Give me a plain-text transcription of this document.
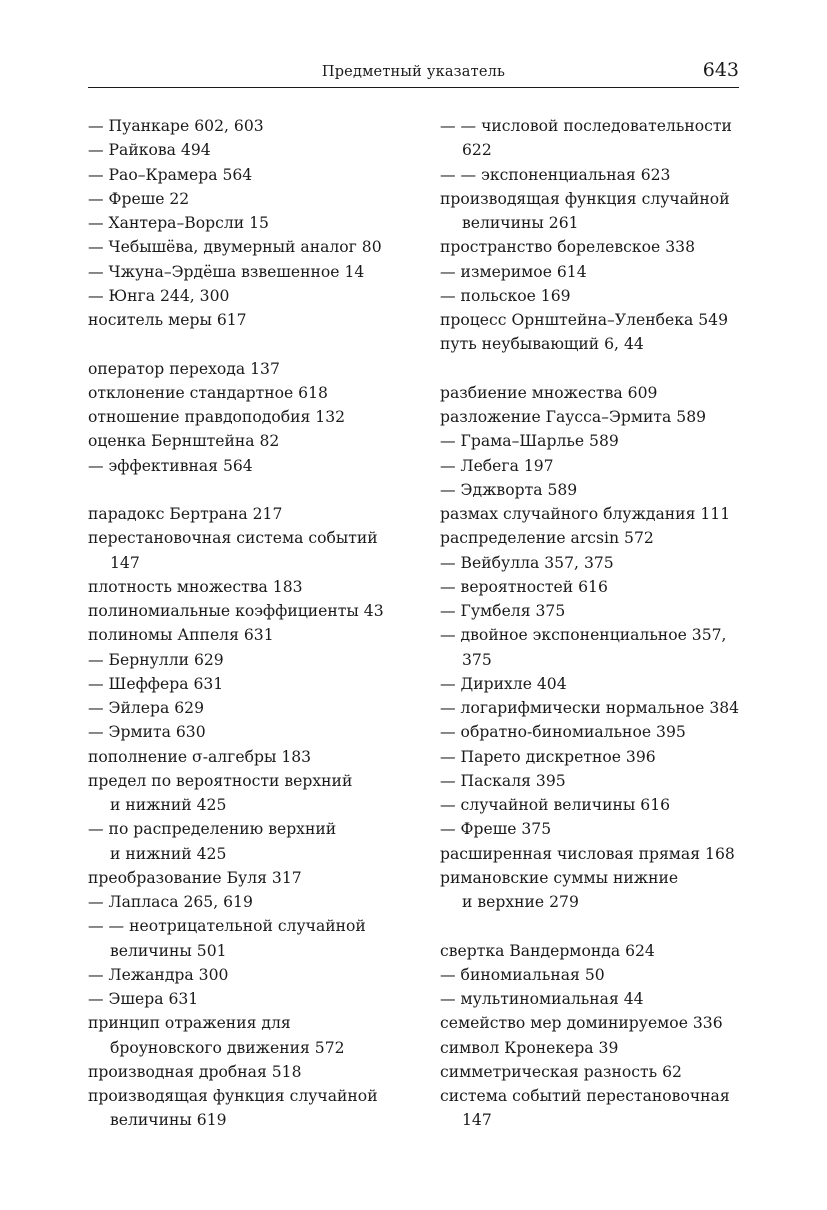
Предметный указатель	643
— Пуанкаре 602, 603
— Райкова 494
— Рао–Крамера 564
— Фреше 22
— Хантера–Ворсли 15
— Чебышёва, двумерный аналог 80
— Чжуна–Эрдёша взвешенное 14
— Юнга 244, 300
носитель меры 617
оператор перехода 137
отклонение стандартное 618
отношение правдоподобия 132
оценка Бернштейна 82
— эффективная 564
парадокс Бертрана 217
перестановочная система событий
147
плотность множества 183
полиномиальные коэффициенты 43
полиномы Аппеля 631
— Бернулли 629
— Шеффера 631
— Эйлера 629
— Эрмита 630
пополнение σ-алгебры 183
предел по вероятности верхний
и нижний 425
— по распределению верхний
и нижний 425
преобразование Буля 317
— Лапласа 265, 619
— — неотрицательной случайной
величины 501
— Лежандра 300
— Эшера 631
принцип отражения для
броуновского движения 572
производная дробная 518
производящая функция случайной
величины 619
— — числовой последовательности
622
— — экспоненциальная 623
производящая функция случайной
величины 261
пространство борелевское 338
— измеримое 614
— польское 169
процесс Орнштейна–Уленбека 549
путь неубывающий 6, 44
разбиение множества 609
разложение Гаусса–Эрмита 589
— Грама–Шарлье 589
— Лебега 197
— Эджворта 589
размах случайного блуждания 111
распределение arcsin 572
— Вейбулла 357, 375
— вероятностей 616
— Гумбеля 375
— двойное экспоненциальное 357,
375
— Дирихле 404
— логарифмически нормальное 384
— обратно-биномиальное 395
— Парето дискретное 396
— Паскаля 395
— случайной величины 616
— Фреше 375
расширенная числовая прямая 168
римановские суммы нижние
и верхние 279
свертка Вандермонда 624
— биномиальная 50
— мультиномиальная 44
семейство мер доминируемое 336
символ Кронекера 39
симметрическая разность 62
система событий перестановочная
147
